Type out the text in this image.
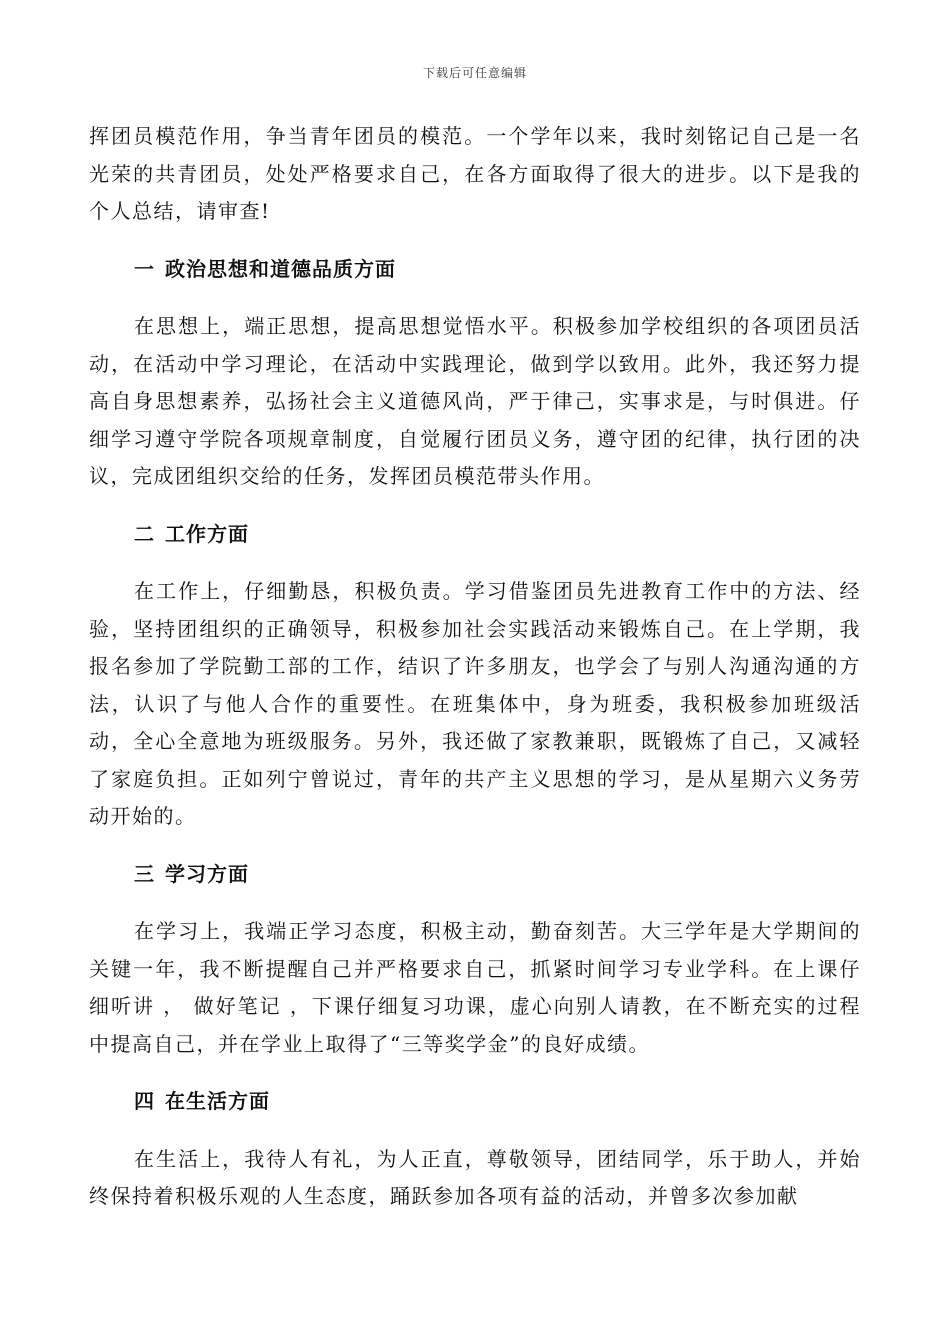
下载后可任意编辑

挥团员模范作用，争当青年团员的模范。一个学年以来，我时刻铭记自己是一名光荣的共青团员，处处严格要求自己，在各方面取得了很大的进步。以下是我的个人总结，请审查!

一 政治思想和道德品质方面

在思想上，端正思想，提高思想觉悟水平。积极参加学校组织的各项团员活动，在活动中学习理论，在活动中实践理论，做到学以致用。此外，我还努力提高自身思想素养，弘扬社会主义道德风尚，严于律己，实事求是，与时俱进。仔细学习遵守学院各项规章制度，自觉履行团员义务，遵守团的纪律，执行团的决议，完成团组织交给的任务，发挥团员模范带头作用。

二 工作方面

在工作上，仔细勤恳，积极负责。学习借鉴团员先进教育工作中的方法、经验，坚持团组织的正确领导，积极参加社会实践活动来锻炼自己。在上学期，我报名参加了学院勤工部的工作，结识了许多朋友，也学会了与别人沟通沟通的方法，认识了与他人合作的重要性。在班集体中，身为班委，我积极参加班级活动，全心全意地为班级服务。另外，我还做了家教兼职，既锻炼了自己，又减轻了家庭负担。正如列宁曾说过，青年的共产主义思想的学习，是从星期六义务劳动开始的。

三 学习方面

在学习上，我端正学习态度，积极主动，勤奋刻苦。大三学年是大学期间的关键一年，我不断提醒自己并严格要求自己，抓紧时间学习专业学科。在上课仔细听讲 ， 做好笔记 ，下课仔细复习功课，虚心向别人请教，在不断充实的过程中提高自己，并在学业上取得了“三等奖学金”的良好成绩。

四 在生活方面

在生活上，我待人有礼，为人正直，尊敬领导，团结同学，乐于助人，并始终保持着积极乐观的人生态度，踊跃参加各项有益的活动，并曾多次参加献
